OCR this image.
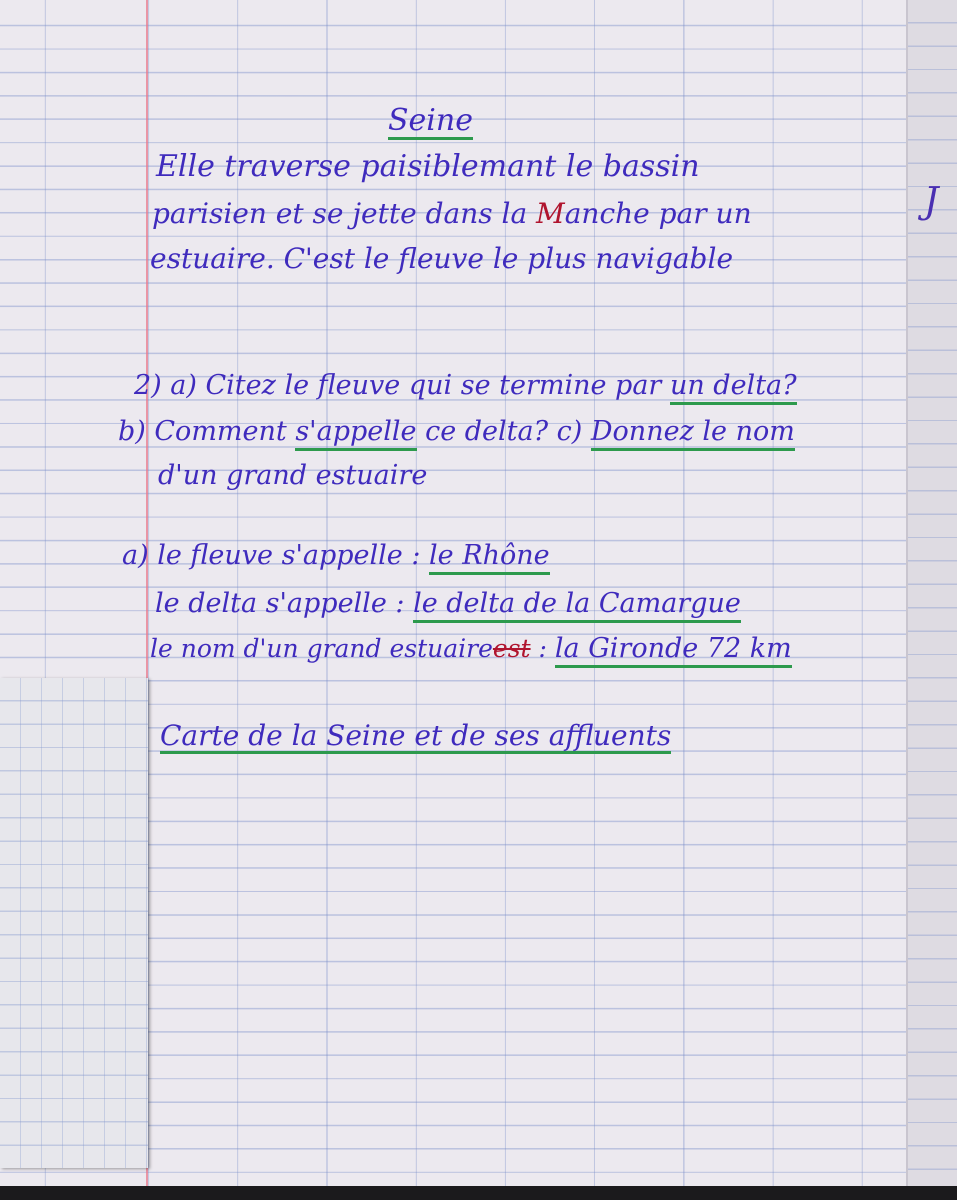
J
Seine
Elle traverse paisiblemant le bassin
parisien et se jette dans la Manche par un
estuaire. C'est le fleuve le plus navigable
2) a) Citez le fleuve qui se termine par un delta?
b) Comment s'appelle ce delta? c) Donnez le nom
d'un grand estuaire
a) le fleuve s'appelle : le Rhône
le delta s'appelle : le delta de la Camargue
le nom d'un grand estuaireest : la Gironde 72 km
Carte de la Seine et de ses affluents
